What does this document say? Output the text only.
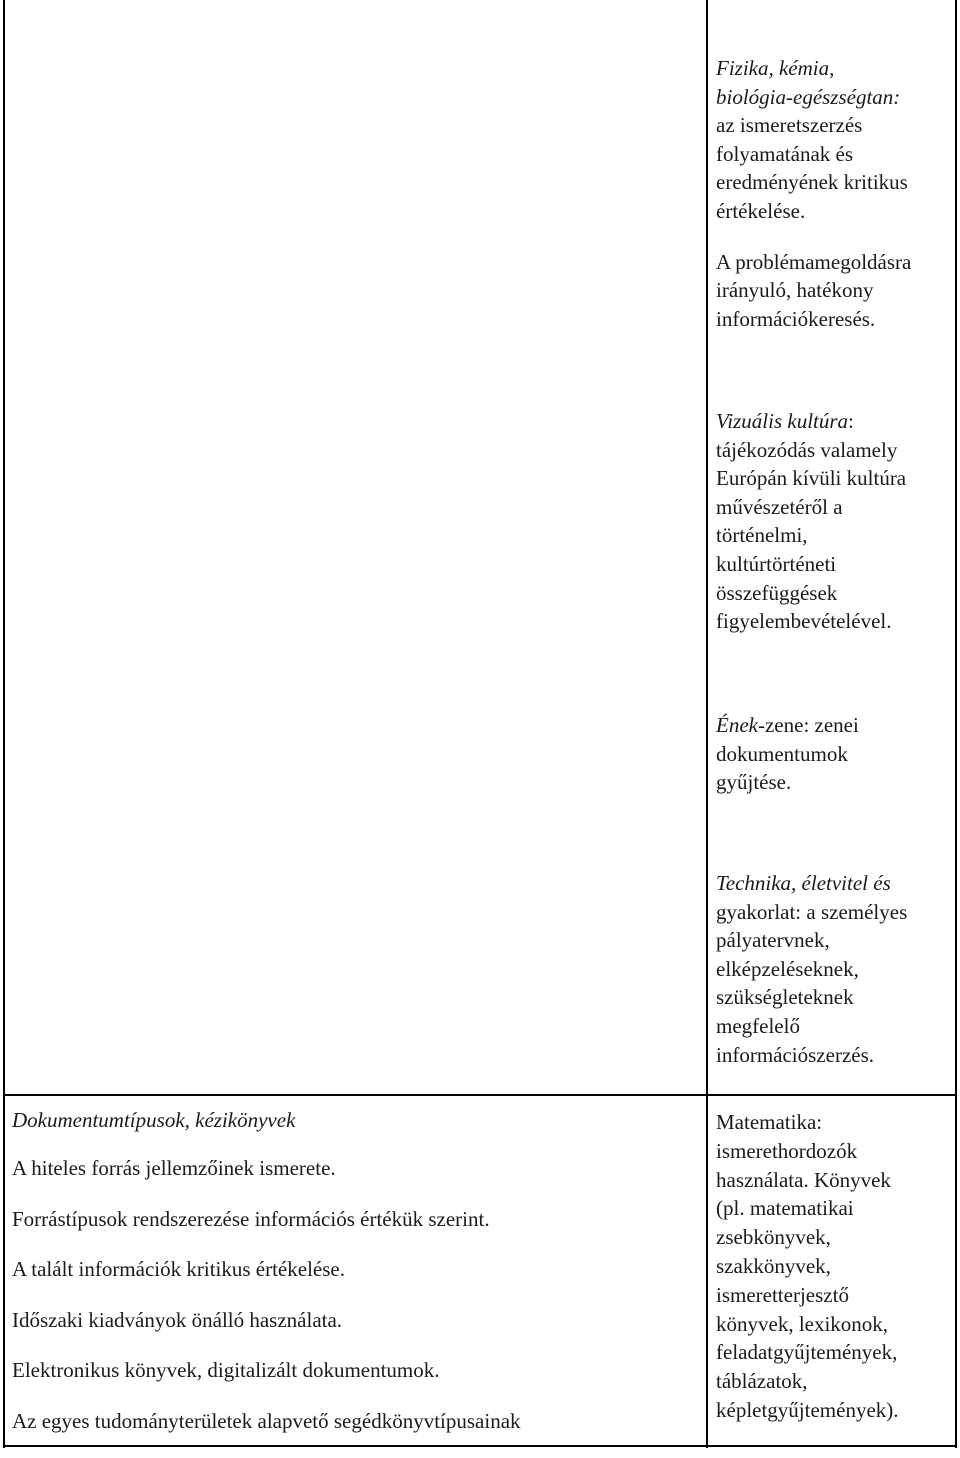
Fizika, kémia,

biológia-egészségtan:

az ismeretszerzés

folyamatának és

eredményének kritikus

értékelése.

A problémamegoldásra

irányuló, hatékony

információkeresés.

Vizuális kultúra:

tájékozódás valamely

Európán kívüli kultúra

művészetéről a

történelmi,

kultúrtörténeti

összefüggések

figyelembevételével.

Ének-zene: zenei

dokumentumok

gyűjtése.

Technika, életvitel és

gyakorlat: a személyes

pályatervnek,

elképzeléseknek,

szükségleteknek

megfelelő

információszerzés.

Dokumentumtípusok, kézikönyvek

A hiteles forrás jellemzőinek ismerete.

Forrástípusok rendszerezése információs értékük szerint.

A talált információk kritikus értékelése.

Időszaki kiadványok önálló használata.

Elektronikus könyvek, digitalizált dokumentumok.

Az egyes tudományterületek alapvető segédkönyvtípusainak

Matematika:

ismerethordozók

használata. Könyvek

(pl. matematikai

zsebkönyvek,

szakkönyvek,

ismeretterjesztő

könyvek, lexikonok,

feladatgyűjtemények,

táblázatok,

képletgyűjtemények).
